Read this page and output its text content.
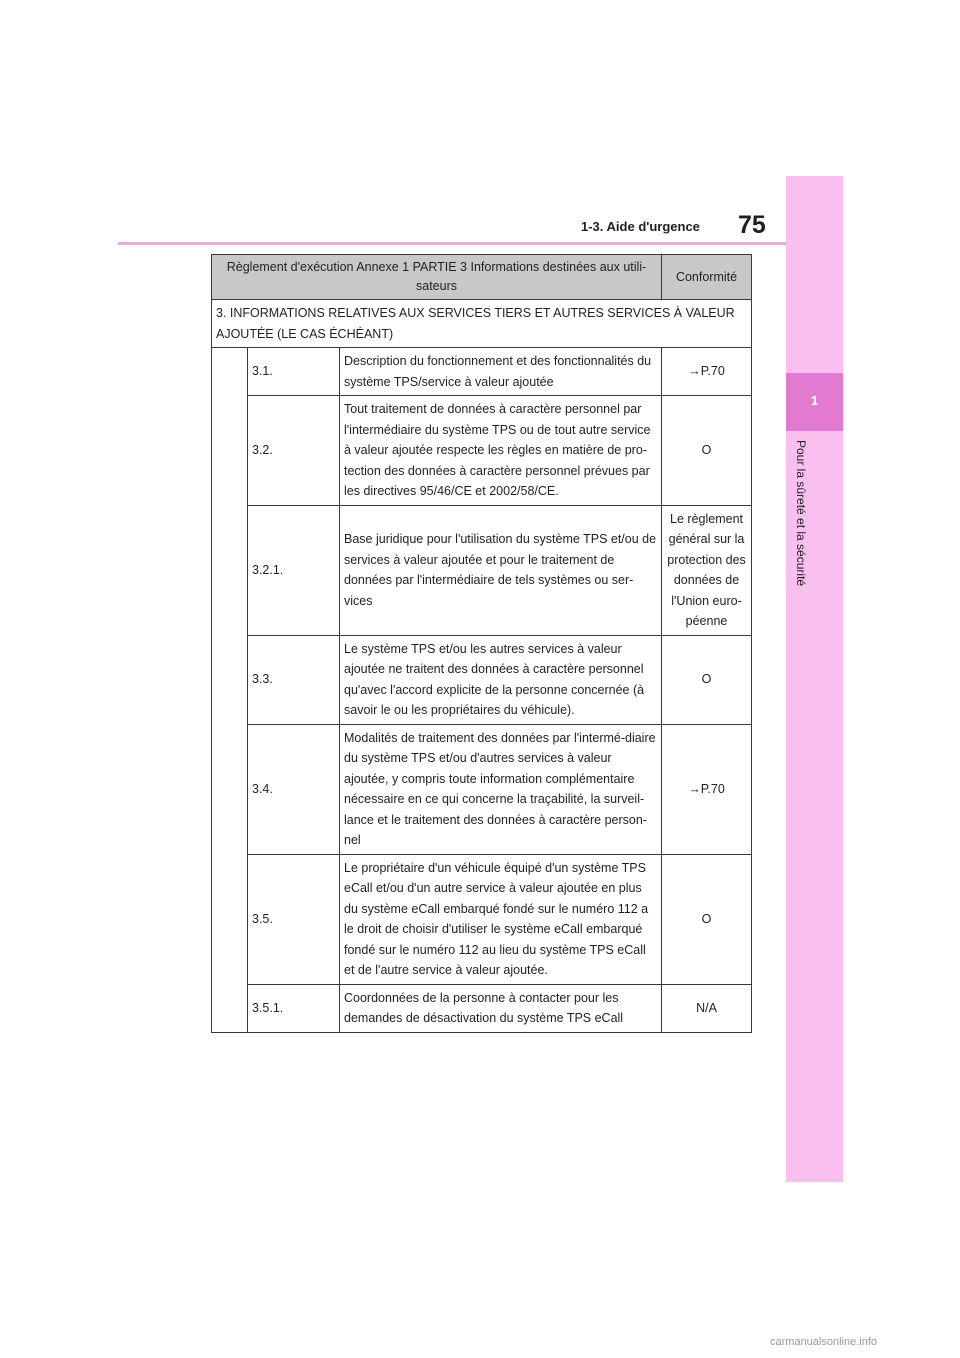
1
Pour la sûreté et la sécurité
1-3. Aide d'urgence 75
Règlement d'exécution Annexe 1 PARTIE 3 Informations destinées aux utili-sateurs			Conformité
3. INFORMATIONS RELATIVES AUX SERVICES TIERS ET AUTRES SERVICES À VALEUR AJOUTÉE (LE CAS ÉCHÉANT)			
	3.1.	Description du fonctionnement et des fonctionnalités du système TPS/service à valeur ajoutée	→P.70
	3.2.	Tout traitement de données à caractère personnel par l'intermédiaire du système TPS ou de tout autre service à valeur ajoutée respecte les règles en matière de pro-tection des données à caractère personnel prévues par les directives 95/46/CE et 2002/58/CE.	O
	3.2.1.	Base juridique pour l'utilisation du système TPS et/ou de services à valeur ajoutée et pour le traitement de données par l'intermédiaire de tels systèmes ou ser-vices	Le règlement général sur la protection des données de l'Union euro-péenne
	3.3.	Le système TPS et/ou les autres services à valeur ajoutée ne traitent des données à caractère personnel qu'avec l'accord explicite de la personne concernée (à savoir le ou les propriétaires du véhicule).	O
	3.4.	Modalités de traitement des données par l'intermé-diaire du système TPS et/ou d'autres services à valeur ajoutée, y compris toute information complémentaire nécessaire en ce qui concerne la traçabilité, la surveil-lance et le traitement des données à caractère person-nel	→P.70
	3.5.	Le propriétaire d'un véhicule équipé d'un système TPS eCall et/ou d'un autre service à valeur ajoutée en plus du système eCall embarqué fondé sur le numéro 112 a le droit de choisir d'utiliser le système eCall embarqué fondé sur le numéro 112 au lieu du système TPS eCall et de l'autre service à valeur ajoutée.	O
	3.5.1.	Coordonnées de la personne à contacter pour les demandes de désactivation du système TPS eCall	N/A
carmanualsonline.info
